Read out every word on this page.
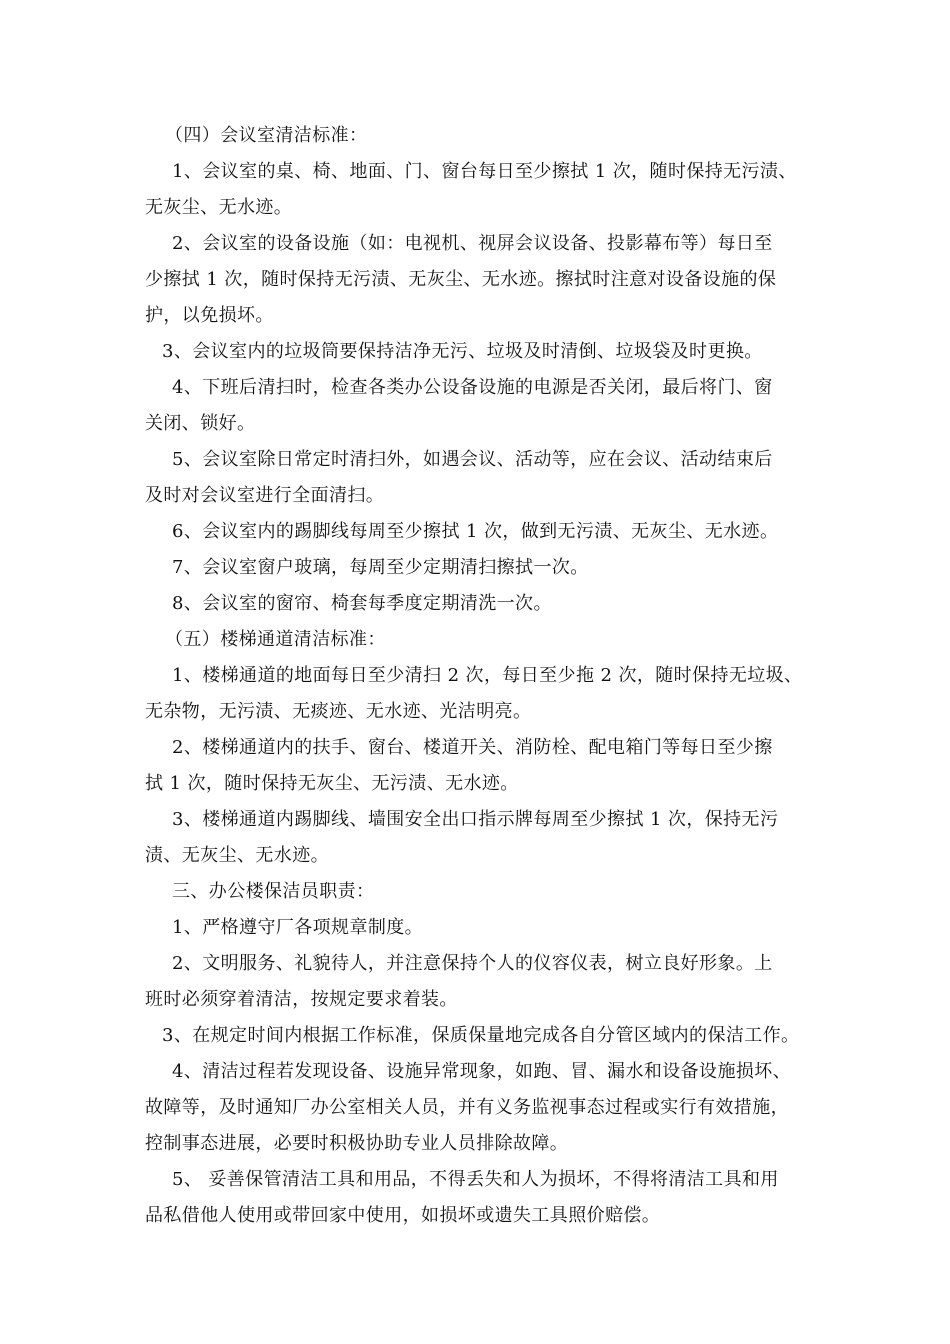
（四）会议室清洁标准：
1、会议室的桌、椅、地面、门、窗台每日至少擦拭 1 次，随时保持无污渍、
无灰尘、无水迹。
2、会议室的设备设施（如：电视机、视屏会议设备、投影幕布等）每日至
少擦拭 1 次，随时保持无污渍、无灰尘、无水迹。擦拭时注意对设备设施的保
护，以免损坏。
3、会议室内的垃圾筒要保持洁净无污、垃圾及时清倒、垃圾袋及时更换。
4、下班后清扫时，检查各类办公设备设施的电源是否关闭，最后将门、窗
关闭、锁好。
5、会议室除日常定时清扫外，如遇会议、活动等，应在会议、活动结束后
及时对会议室进行全面清扫。
6、会议室内的踢脚线每周至少擦拭 1 次，做到无污渍、无灰尘、无水迹。
7、会议室窗户玻璃，每周至少定期清扫擦拭一次。
8、会议室的窗帘、椅套每季度定期清洗一次。
（五）楼梯通道清洁标准：
1、楼梯通道的地面每日至少清扫 2 次，每日至少拖 2 次，随时保持无垃圾、
无杂物，无污渍、无痰迹、无水迹、光洁明亮。
2、楼梯通道内的扶手、窗台、楼道开关、消防栓、配电箱门等每日至少擦
拭 1 次，随时保持无灰尘、无污渍、无水迹。
3、楼梯通道内踢脚线、墙围安全出口指示牌每周至少擦拭 1 次，保持无污
渍、无灰尘、无水迹。
三、办公楼保洁员职责：
1、严格遵守厂各项规章制度。
2、文明服务、礼貌待人，并注意保持个人的仪容仪表，树立良好形象。上
班时必须穿着清洁，按规定要求着装。
3、在规定时间内根据工作标准，保质保量地完成各自分管区域内的保洁工作。
4、清洁过程若发现设备、设施异常现象，如跑、冒、漏水和设备设施损坏、
故障等，及时通知厂办公室相关人员，并有义务监视事态过程或实行有效措施，
控制事态进展，必要时积极协助专业人员排除故障。
5、 妥善保管清洁工具和用品，不得丢失和人为损坏，不得将清洁工具和用
品私借他人使用或带回家中使用，如损坏或遗失工具照价赔偿。
